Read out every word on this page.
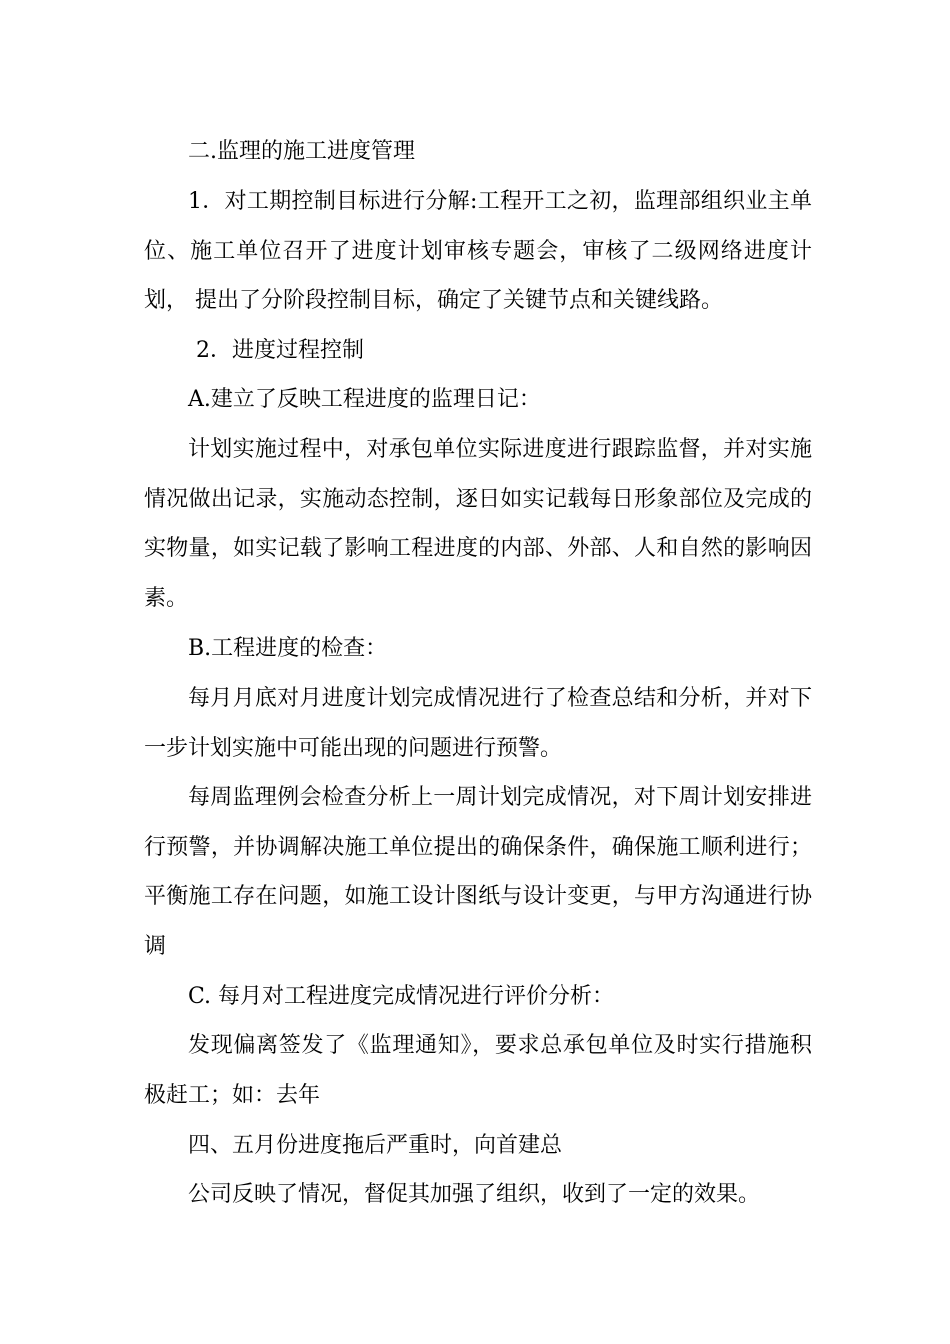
二.监理的施工进度管理

1．对工期控制目标进行分解:工程开工之初，监理部组织业主单位、施工单位召开了进度计划审核专题会，审核了二级网络进度计划， 提出了分阶段控制目标，确定了关键节点和关键线路。

2．进度过程控制

A.建立了反映工程进度的监理日记：

计划实施过程中，对承包单位实际进度进行跟踪监督，并对实施情况做出记录，实施动态控制，逐日如实记载每日形象部位及完成的实物量，如实记载了影响工程进度的内部、外部、人和自然的影响因素。

B.工程进度的检查：

每月月底对月进度计划完成情况进行了检查总结和分析，并对下一步计划实施中可能出现的问题进行预警。

每周监理例会检查分析上一周计划完成情况，对下周计划安排进行预警，并协调解决施工单位提出的确保条件，确保施工顺利进行；平衡施工存在问题，如施工设计图纸与设计变更，与甲方沟通进行协调

C. 每月对工程进度完成情况进行评价分析：

发现偏离签发了《监理通知》，要求总承包单位及时实行措施积极赶工；如：去年

四、五月份进度拖后严重时，向首建总

公司反映了情况，督促其加强了组织，收到了一定的效果。
